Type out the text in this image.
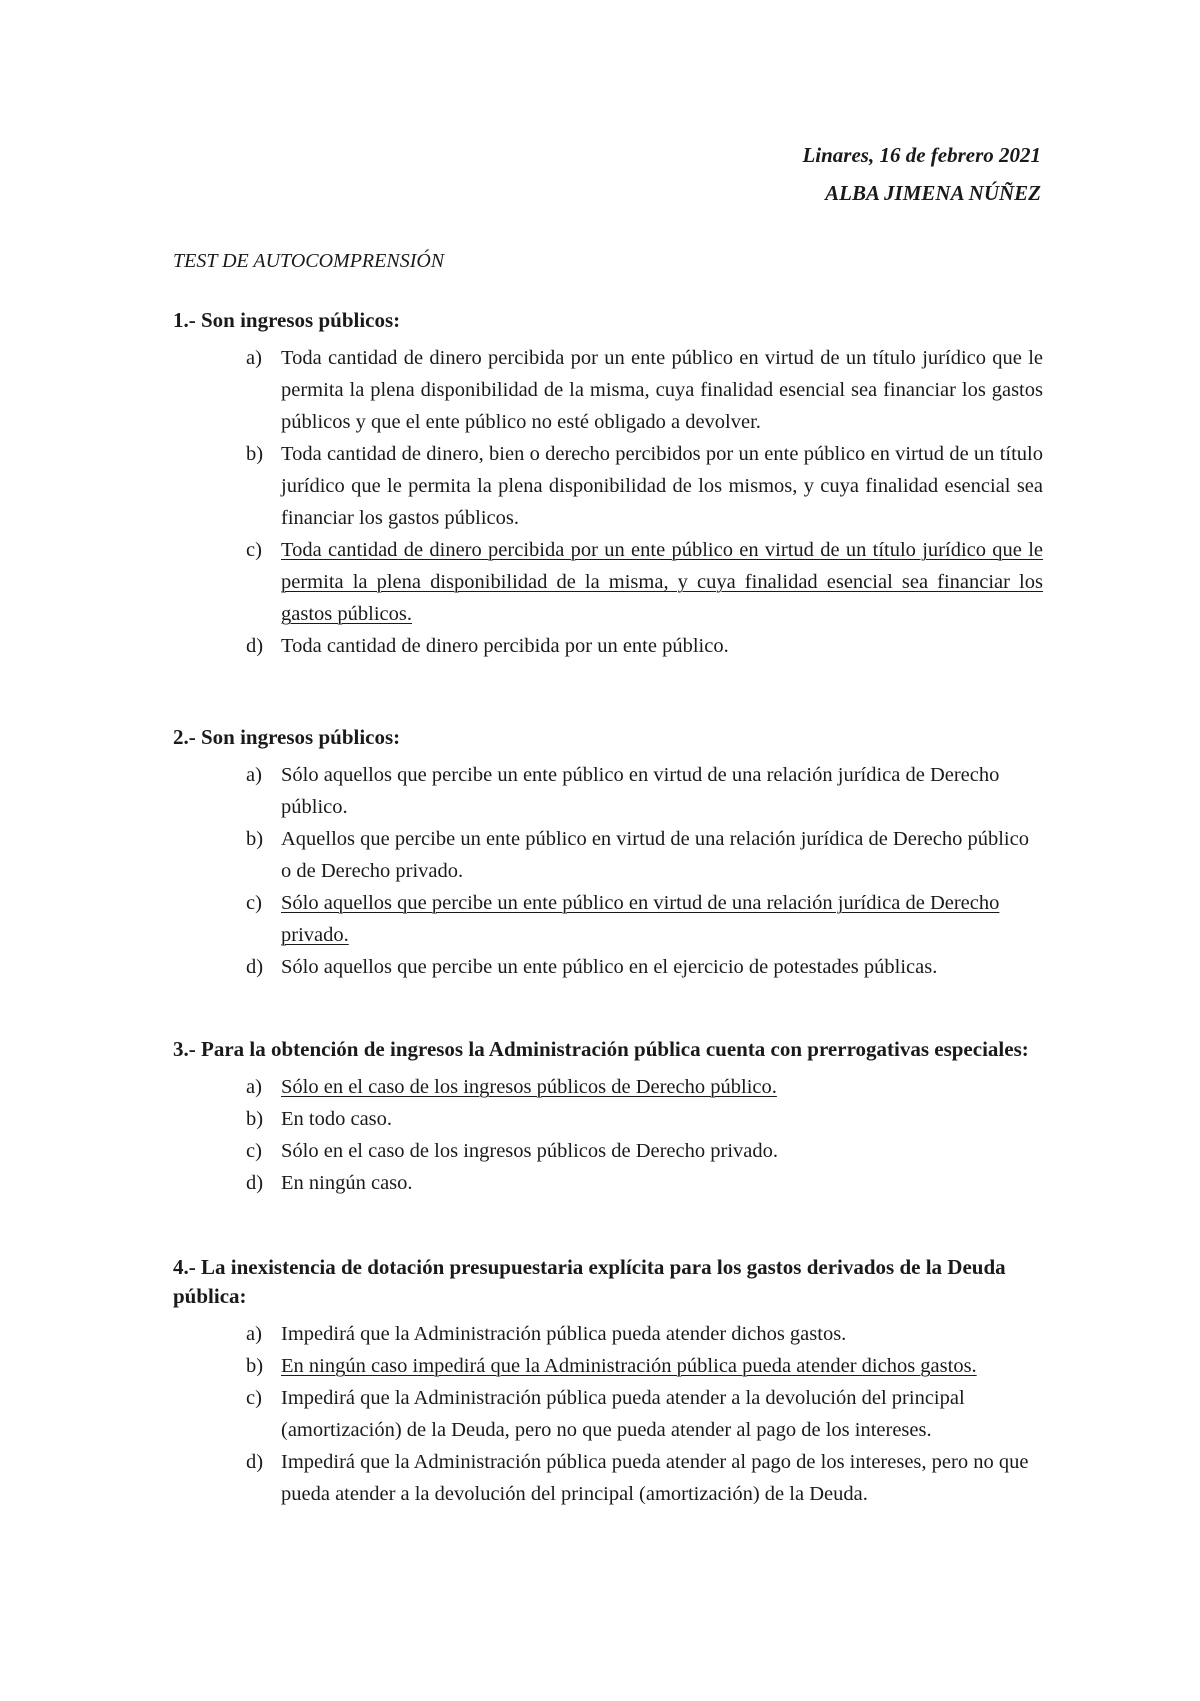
Linares, 16 de febrero 2021
ALBA JIMENA NÚÑEZ
TEST DE AUTOCOMPRENSIÓN
1.- Son ingresos públicos:
a) Toda cantidad de dinero percibida por un ente público en virtud de un título jurídico que le permita la plena disponibilidad de la misma, cuya finalidad esencial sea financiar los gastos públicos y que el ente público no esté obligado a devolver.
b) Toda cantidad de dinero, bien o derecho percibidos por un ente público en virtud de un título jurídico que le permita la plena disponibilidad de los mismos, y cuya finalidad esencial sea financiar los gastos públicos.
c) Toda cantidad de dinero percibida por un ente público en virtud de un título jurídico que le permita la plena disponibilidad de la misma, y cuya finalidad esencial sea financiar los gastos públicos.
d) Toda cantidad de dinero percibida por un ente público.
2.- Son ingresos públicos:
a) Sólo aquellos que percibe un ente público en virtud de una relación jurídica de Derecho público.
b) Aquellos que percibe un ente público en virtud de una relación jurídica de Derecho público o de Derecho privado.
c) Sólo aquellos que percibe un ente público en virtud de una relación jurídica de Derecho privado.
d) Sólo aquellos que percibe un ente público en el ejercicio de potestades públicas.
3.- Para la obtención de ingresos la Administración pública cuenta con prerrogativas especiales:
a) Sólo en el caso de los ingresos públicos de Derecho público.
b) En todo caso.
c) Sólo en el caso de los ingresos públicos de Derecho privado.
d) En ningún caso.
4.- La inexistencia de dotación presupuestaria explícita para los gastos derivados de la Deuda pública:
a) Impedirá que la Administración pública pueda atender dichos gastos.
b) En ningún caso impedirá que la Administración pública pueda atender dichos gastos.
c) Impedirá que la Administración pública pueda atender a la devolución del principal (amortización) de la Deuda, pero no que pueda atender al pago de los intereses.
d) Impedirá que la Administración pública pueda atender al pago de los intereses, pero no que pueda atender a la devolución del principal (amortización) de la Deuda.
